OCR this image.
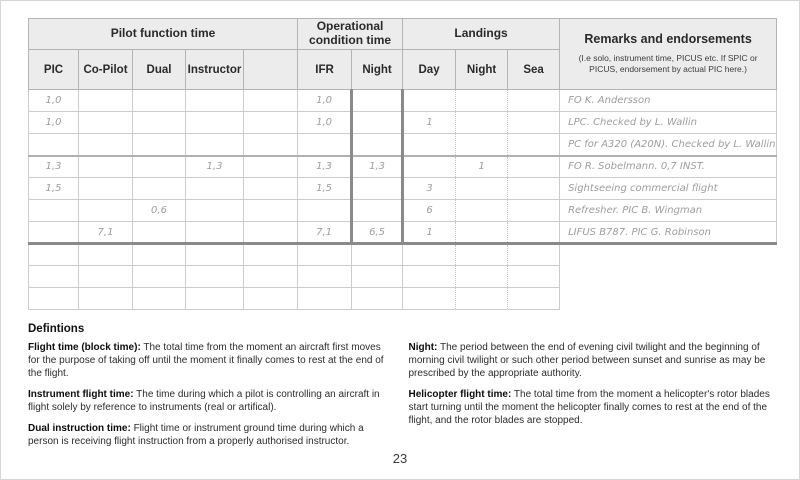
Pilot function time					Operational condition time		Landings			Remarks and endorsements
(I.e solo, instrument time, PICUS etc. If SPIC or PICUS, endorsement by actual PIC here.)

PIC	Co-Pilot	Dual	Instructor		IFR	Night	Day	Night	Sea	
1,0					1,0					FO K. Andersson
1,0					1,0		1			LPC. Checked by L. Wallin
										PC for A320 (A20N). Checked by L. Wallin
1,3			1,3		1,3	1,3		1		FO R. Sobelmann. 0,7 INST.
1,5					1,5		3			Sightseeing commercial flight
		0,6					6			Refresher. PIC B. Wingman
	7,1				7,1	6,5	1			LIFUS B787. PIC G. Robinson

Defintions

Flight time (block time): The total time from the moment an aircraft first moves for the purpose of taking off until the moment it finally comes to rest at the end of the flight.

Instrument flight time: The time during which a pilot is controlling an aircraft in flight solely by reference to instruments (real or artifical).

Dual instruction time: Flight time or instrument ground time during which a person is receiving flight instruction from a properly authorised instructor.

Night: The period between the end of evening civil twilight and the beginning of morning civil twilight or such other period between sunset and sunrise as may be prescribed by the appropriate authority.

Helicopter flight time: The total time from the moment a helicopter's rotor blades start turning until the moment the helicopter finally comes to rest at the end of the flight, and the rotor blades are stopped.

23
